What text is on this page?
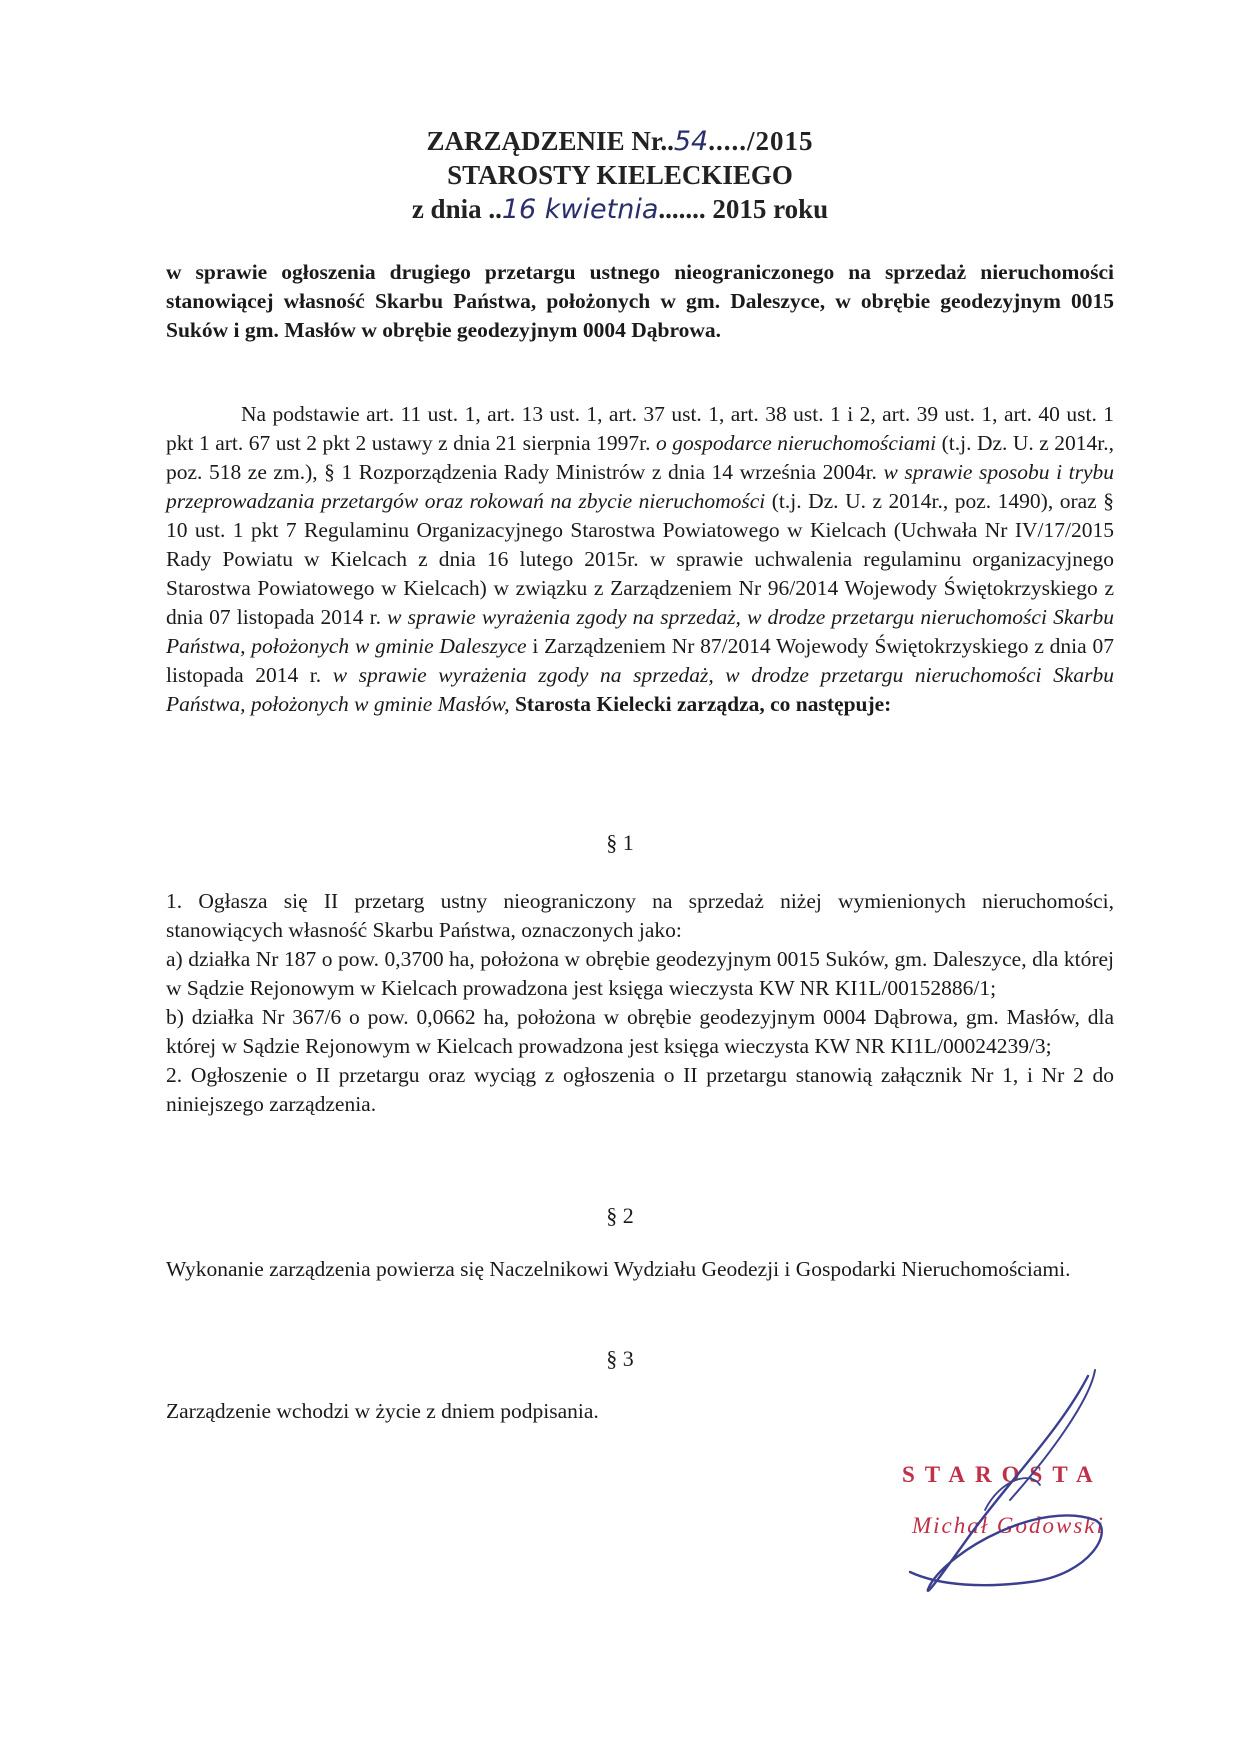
ZARZĄDZENIE Nr..54...../2015
STAROSTY KIELECKIEGO
z dnia ..16 kwietnia....... 2015 roku
w sprawie ogłoszenia drugiego przetargu ustnego nieograniczonego na sprzedaż nieruchomości stanowiącej własność Skarbu Państwa, położonych w gm. Daleszyce, w obrębie geodezyjnym 0015 Suków i gm. Masłów w obrębie geodezyjnym 0004 Dąbrowa.
Na podstawie art. 11 ust. 1, art. 13 ust. 1, art. 37 ust. 1, art. 38 ust. 1 i 2, art. 39 ust. 1, art. 40 ust. 1 pkt 1 art. 67 ust 2 pkt 2 ustawy z dnia 21 sierpnia 1997r. o gospodarce nieruchomościami (t.j. Dz. U. z 2014r., poz. 518 ze zm.), § 1 Rozporządzenia Rady Ministrów z dnia 14 września 2004r. w sprawie sposobu i trybu przeprowadzania przetargów oraz rokowań na zbycie nieruchomości (t.j. Dz. U. z 2014r., poz. 1490), oraz § 10 ust. 1 pkt 7 Regulaminu Organizacyjnego Starostwa Powiatowego w Kielcach (Uchwała Nr IV/17/2015 Rady Powiatu w Kielcach z dnia 16 lutego 2015r. w sprawie uchwalenia regulaminu organizacyjnego Starostwa Powiatowego w Kielcach) w związku z Zarządzeniem Nr 96/2014 Wojewody Świętokrzyskiego z dnia 07 listopada 2014 r. w sprawie wyrażenia zgody na sprzedaż, w drodze przetargu nieruchomości Skarbu Państwa, położonych w gminie Daleszyce i Zarządzeniem Nr 87/2014 Wojewody Świętokrzyskiego z dnia 07 listopada 2014 r. w sprawie wyrażenia zgody na sprzedaż, w drodze przetargu nieruchomości Skarbu Państwa, położonych w gminie Masłów, Starosta Kielecki zarządza, co następuje:
§ 1

1. Ogłasza się II przetarg ustny nieograniczony na sprzedaż niżej wymienionych nieruchomości, stanowiących własność Skarbu Państwa, oznaczonych jako:

a) działka Nr 187 o pow. 0,3700 ha, położona w obrębie geodezyjnym 0015 Suków, gm. Daleszyce, dla której w Sądzie Rejonowym w Kielcach prowadzona jest księga wieczysta KW NR KI1L/00152886/1;

b) działka Nr 367/6 o pow. 0,0662 ha, położona w obrębie geodezyjnym 0004 Dąbrowa, gm. Masłów, dla której w Sądzie Rejonowym w Kielcach prowadzona jest księga wieczysta KW NR KI1L/00024239/3;

2. Ogłoszenie o II przetargu oraz wyciąg z ogłoszenia o II przetargu stanowią załącznik Nr 1, i Nr 2 do niniejszego zarządzenia.

§ 2
Wykonanie zarządzenia powierza się Naczelnikowi Wydziału Geodezji i Gospodarki Nieruchomościami.
§ 3
Zarządzenie wchodzi w życie z dniem podpisania.
STAROSTA
Michał Godowski
